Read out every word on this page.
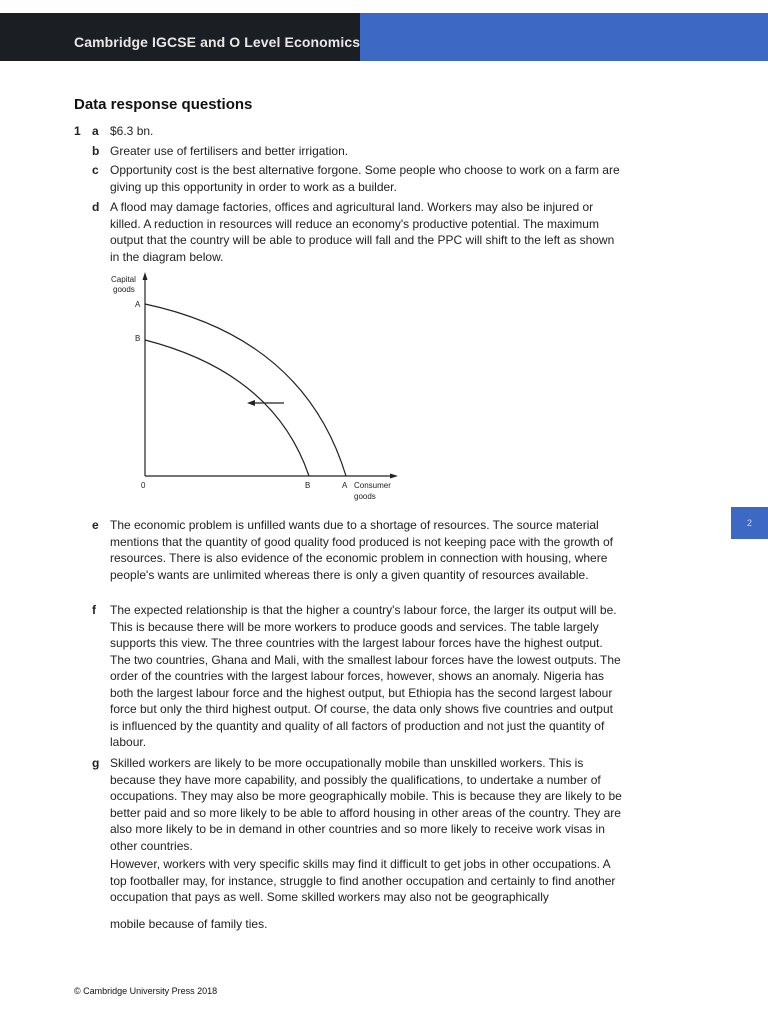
Cambridge IGCSE and O Level Economics
2
Data response questions
1 a $6.3 bn.
b Greater use of fertilisers and better irrigation.
c Opportunity cost is the best alternative forgone. Some people who choose to work on a farm are giving up this opportunity in order to work as a builder.
d A flood may damage factories, offices and agricultural land. Workers may also be injured or killed. A reduction in resources will reduce an economy's productive potential. The maximum output that the country will be able to produce will fall and the PPC will shift to the left as shown in the diagram below.
Capital
goods
A
B
0	B	A Consumer
goods
e The economic problem is unfilled wants due to a shortage of resources. The source material mentions that the quantity of good quality food produced is not keeping pace with the growth of resources. There is also evidence of the economic problem in connection with housing, where people's wants are unlimited whereas there is only a given quantity of resources available.
f The expected relationship is that the higher a country's labour force, the larger its output will be. This is because there will be more workers to produce goods and services. The table largely supports this view. The three countries with the largest labour forces have the highest output. The two countries, Ghana and Mali, with the smallest labour forces have the lowest outputs. The order of the countries with the largest labour forces, however, shows an anomaly. Nigeria has both the largest labour force and the highest output, but Ethiopia has the second largest labour force but only the third highest output. Of course, the data only shows five countries and output is influenced by the quantity and quality of all factors of production and not just the quantity of labour.
g Skilled workers are likely to be more occupationally mobile than unskilled workers. This is because they have more capability, and possibly the qualifications, to undertake a number of occupations. They may also be more geographically mobile. This is because they are likely to be better paid and so more likely to be able to afford housing in other areas of the country. They are also more likely to be in demand in other countries and so more likely to receive work visas in other countries.
However, workers with very specific skills may find it difficult to get jobs in other occupations. A top footballer may, for instance, struggle to find another occupation and certainly to find another occupation that pays as well. Some skilled workers may also not be geographically
mobile because of family ties.
© Cambridge University Press 2018
